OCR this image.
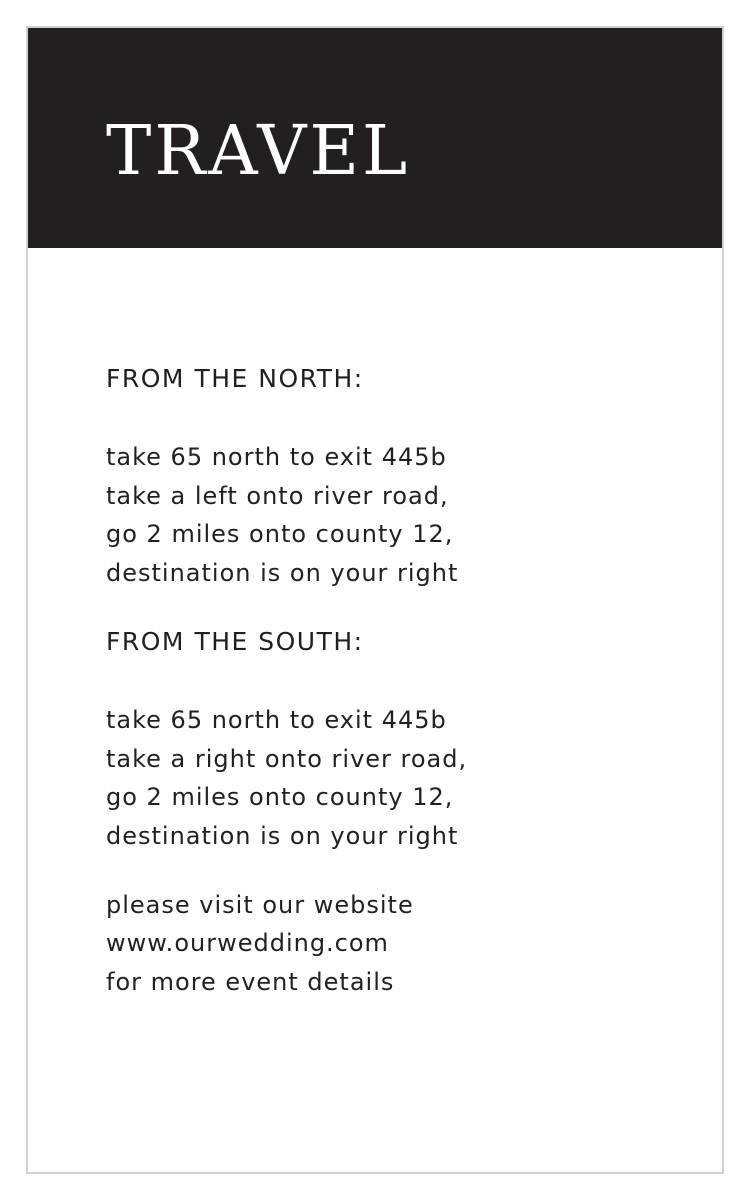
TRAVEL
FROM THE NORTH:
take 65 north to exit 445b
take a left onto river road,
go 2 miles onto county 12,
destination is on your right
FROM THE SOUTH:
take 65 north to exit 445b
take a right onto river road,
go 2 miles onto county 12,
destination is on your right
please visit our website
www.ourwedding.com
for more event details
